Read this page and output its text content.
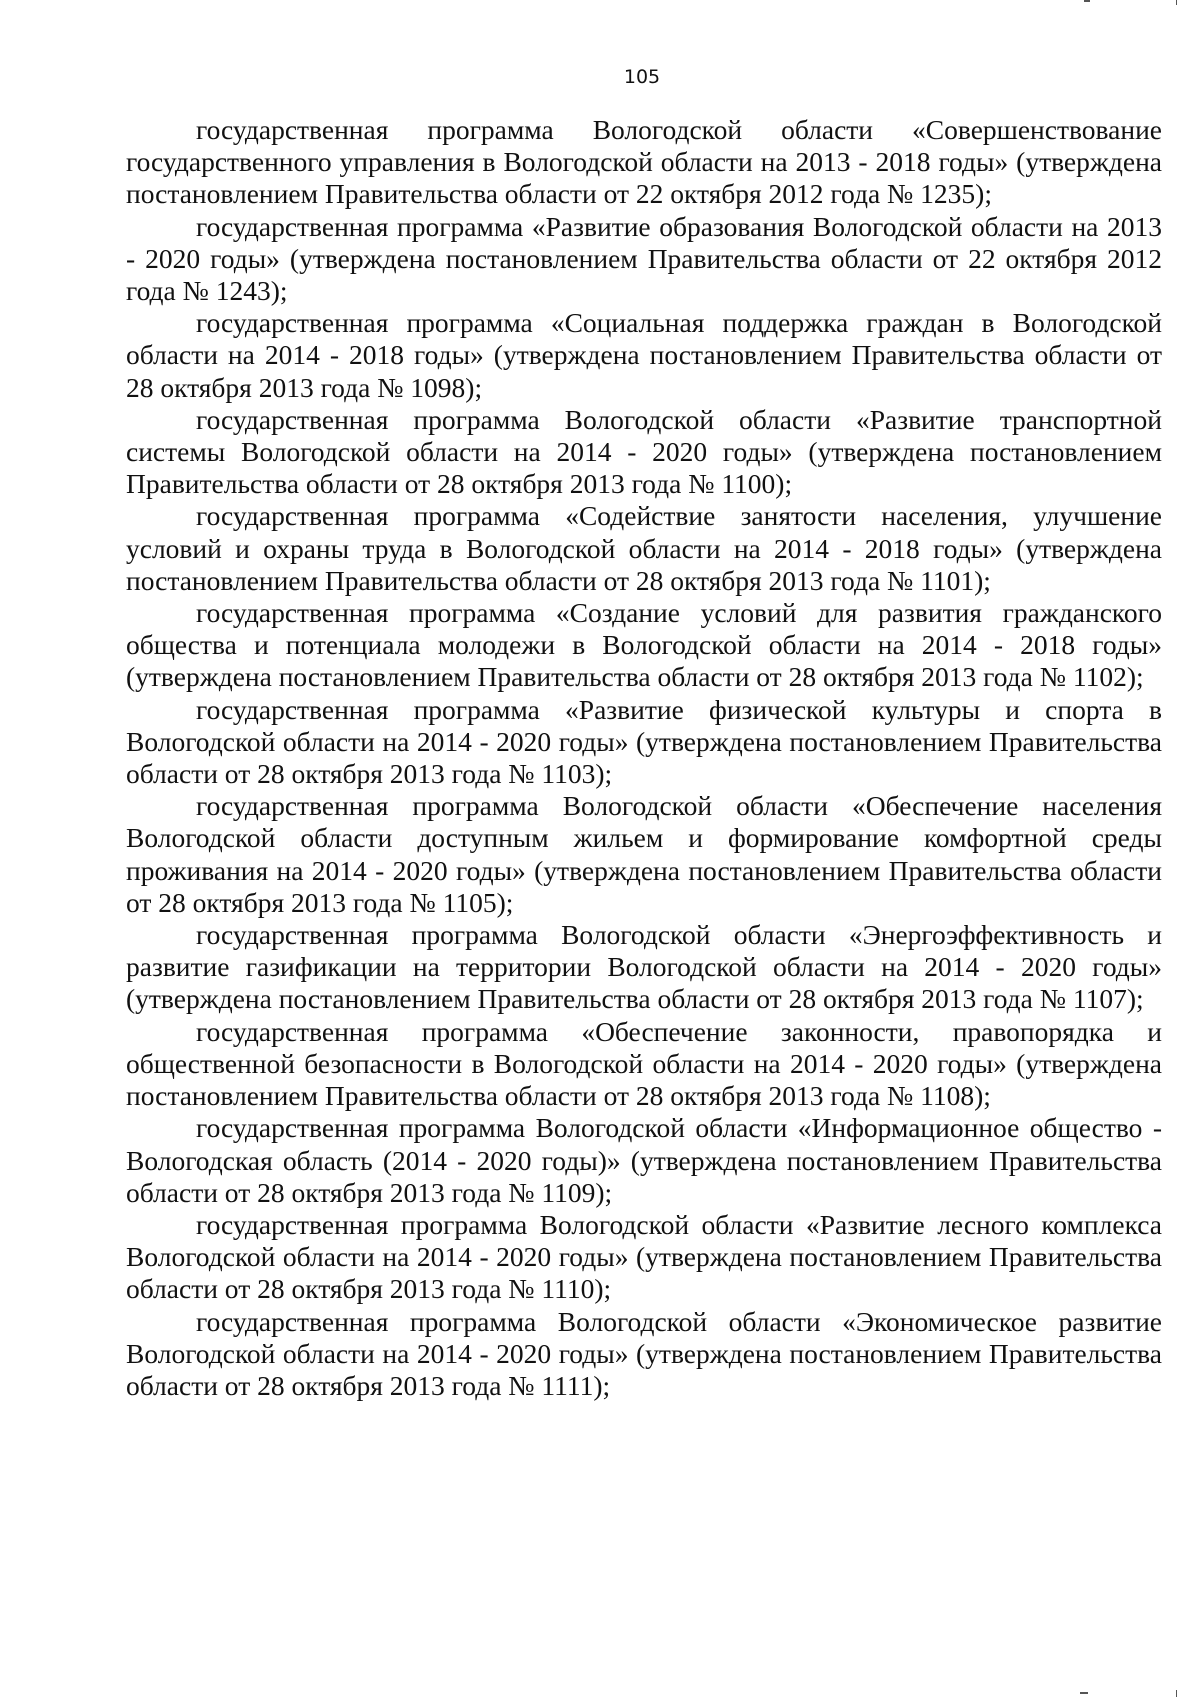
105

государственная программа Вологодской области «Совершенствование государственного управления в Вологодской области на 2013 - 2018 годы» (утверждена постановлением Правительства области от 22 октября 2012 года № 1235);

государственная программа «Развитие образования Вологодской области на 2013 - 2020 годы» (утверждена постановлением Правительства области от 22 октября 2012 года № 1243);

государственная программа «Социальная поддержка граждан в Вологодской области на 2014 - 2018 годы» (утверждена постановлением Правительства области от 28 октября 2013 года № 1098);

государственная программа Вологодской области «Развитие транспортной системы Вологодской области на 2014 - 2020 годы» (утверждена постановлением Правительства области от 28 октября 2013 года № 1100);

государственная программа «Содействие занятости населения, улучшение условий и охраны труда в Вологодской области на 2014 - 2018 годы» (утверждена постановлением Правительства области от 28 октября 2013 года № 1101);

государственная программа «Создание условий для развития гражданского общества и потенциала молодежи в Вологодской области на 2014 - 2018 годы» (утверждена постановлением Правительства области от 28 октября 2013 года № 1102);

государственная программа «Развитие физической культуры и спорта в Вологодской области на 2014 - 2020 годы» (утверждена постановлением Правительства области от 28 октября 2013 года № 1103);

государственная программа Вологодской области «Обеспечение населения Вологодской области доступным жильем и формирование комфортной среды проживания на 2014 - 2020 годы» (утверждена постановлением Правительства области от 28 октября 2013 года № 1105);

государственная программа Вологодской области «Энергоэффективность и развитие газификации на территории Вологодской области на 2014 - 2020 годы» (утверждена постановлением Правительства области от 28 октября 2013 года № 1107);

государственная программа «Обеспечение законности, правопорядка и общественной безопасности в Вологодской области на 2014 - 2020 годы» (утверждена постановлением Правительства области от 28 октября 2013 года № 1108);

государственная программа Вологодской области «Информационное общество - Вологодская область (2014 - 2020 годы)» (утверждена постановлением Правительства области от 28 октября 2013 года № 1109);

государственная программа Вологодской области «Развитие лесного комплекса Вологодской области на 2014 - 2020 годы» (утверждена постановлением Правительства области от 28 октября 2013 года № 1110);

государственная программа Вологодской области «Экономическое развитие Вологодской области на 2014 - 2020 годы» (утверждена постановлением Правительства области от 28 октября 2013 года № 1111);
